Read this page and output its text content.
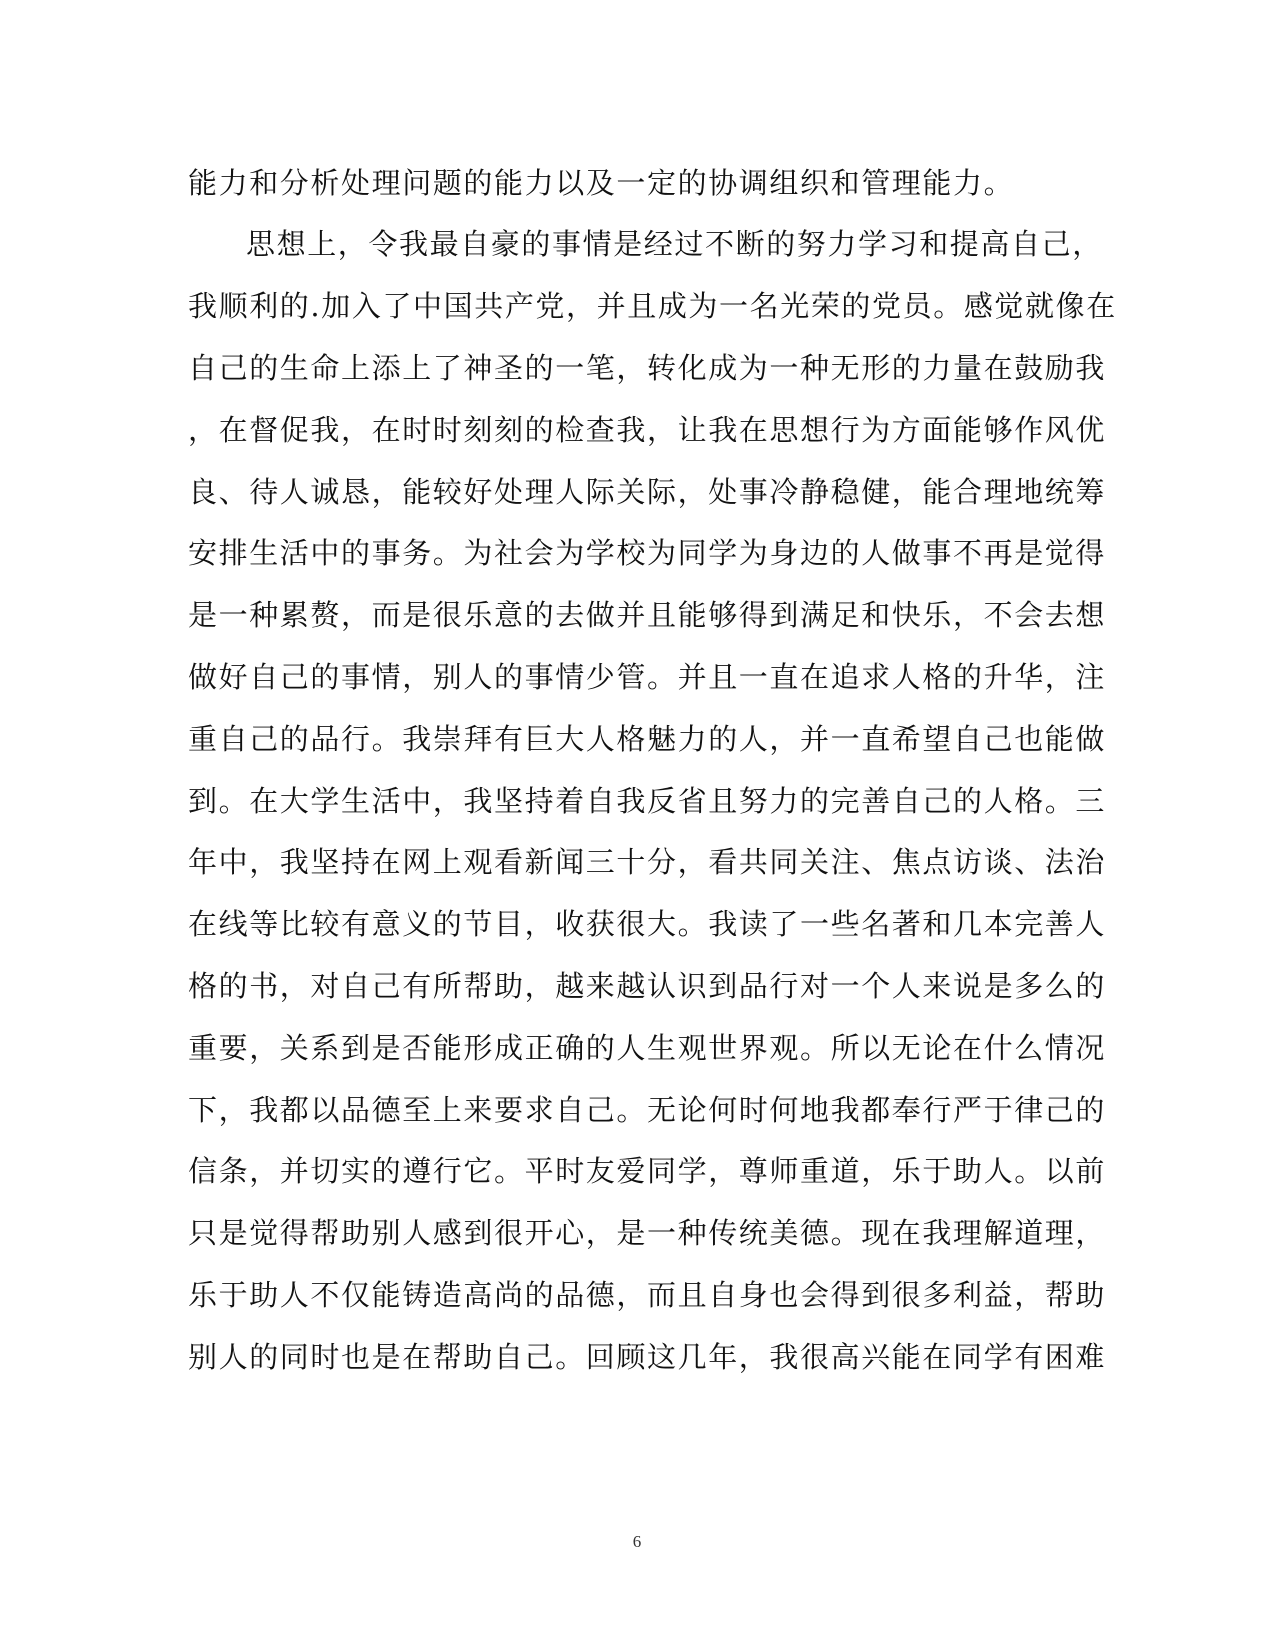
能力和分析处理问题的能力以及一定的协调组织和管理能力。
思想上，令我最自豪的事情是经过不断的努力学习和提高自己，
我顺利的.加入了中国共产党，并且成为一名光荣的党员。感觉就像在
自己的生命上添上了神圣的一笔，转化成为一种无形的力量在鼓励我
，在督促我，在时时刻刻的检查我，让我在思想行为方面能够作风优
良、待人诚恳，能较好处理人际关际，处事冷静稳健，能合理地统筹
安排生活中的事务。为社会为学校为同学为身边的人做事不再是觉得
是一种累赘，而是很乐意的去做并且能够得到满足和快乐，不会去想
做好自己的事情，别人的事情少管。并且一直在追求人格的升华，注
重自己的品行。我崇拜有巨大人格魅力的人，并一直希望自己也能做
到。在大学生活中，我坚持着自我反省且努力的完善自己的人格。三
年中，我坚持在网上观看新闻三十分，看共同关注、焦点访谈、法治
在线等比较有意义的节目，收获很大。我读了一些名著和几本完善人
格的书，对自己有所帮助，越来越认识到品行对一个人来说是多么的
重要，关系到是否能形成正确的人生观世界观。所以无论在什么情况
下，我都以品德至上来要求自己。无论何时何地我都奉行严于律己的
信条，并切实的遵行它。平时友爱同学，尊师重道，乐于助人。以前
只是觉得帮助别人感到很开心，是一种传统美德。现在我理解道理，
乐于助人不仅能铸造高尚的品德，而且自身也会得到很多利益，帮助
别人的同时也是在帮助自己。回顾这几年，我很高兴能在同学有困难
6
